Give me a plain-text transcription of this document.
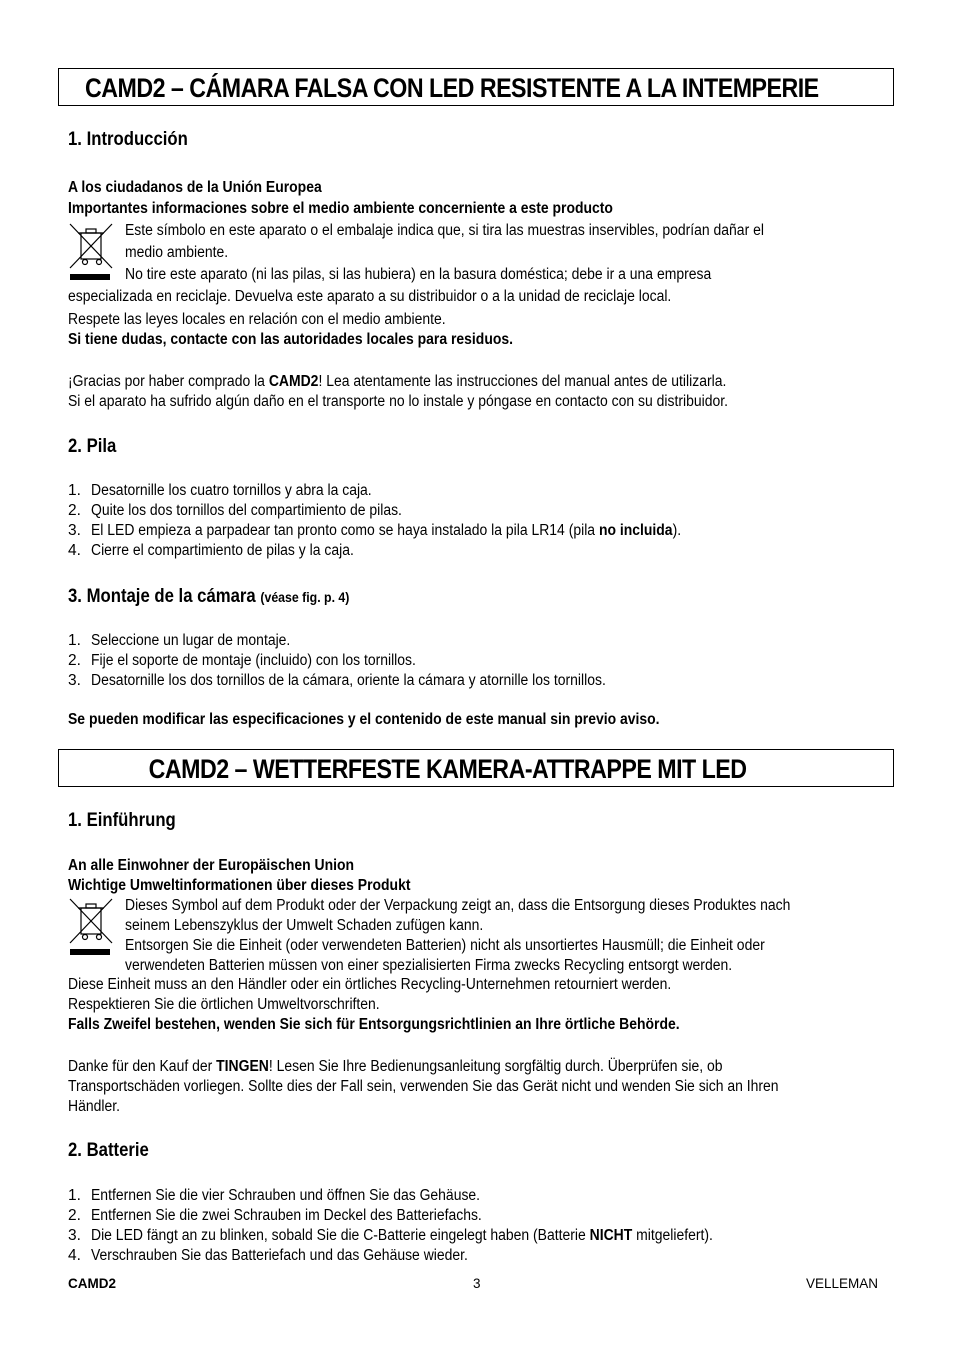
CAMD2 – CÁMARA FALSA CON LED RESISTENTE A LA INTEMPERIE
1. Introducción
A los ciudadanos de la Unión Europea
Importantes informaciones sobre el medio ambiente concerniente a este producto
Este símbolo en este aparato o el embalaje indica que, si tira las muestras inservibles, podrían dañar el
medio ambiente.
No tire este aparato (ni las pilas, si las hubiera) en la basura doméstica; debe ir a una empresa
especializada en reciclaje. Devuelva este aparato a su distribuidor o a la unidad de reciclaje local.
Respete las leyes locales en relación con el medio ambiente.
Si tiene dudas, contacte con las autoridades locales para residuos.
¡Gracias por haber comprado la CAMD2! Lea atentamente las instrucciones del manual antes de utilizarla.
Si el aparato ha sufrido algún daño en el transporte no lo instale y póngase en contacto con su distribuidor.
2. Pila
1. Desatornille los cuatro tornillos y abra la caja.
2. Quite los dos tornillos del compartimiento de pilas.
3. El LED empieza a parpadear tan pronto como se haya instalado la pila LR14 (pila no incluida).
4. Cierre el compartimiento de pilas y la caja.
3. Montaje de la cámara (véase fig. p. 4)
1. Seleccione un lugar de montaje.
2. Fije el soporte de montaje (incluido) con los tornillos.
3. Desatornille los dos tornillos de la cámara, oriente la cámara y atornille los tornillos.
Se pueden modificar las especificaciones y el contenido de este manual sin previo aviso.
CAMD2 – WETTERFESTE KAMERA-ATTRAPPE MIT LED
1. Einführung
An alle Einwohner der Europäischen Union
Wichtige Umweltinformationen über dieses Produkt
Dieses Symbol auf dem Produkt oder der Verpackung zeigt an, dass die Entsorgung dieses Produktes nach
seinem Lebenszyklus der Umwelt Schaden zufügen kann.
Entsorgen Sie die Einheit (oder verwendeten Batterien) nicht als unsortiertes Hausmüll; die Einheit oder
verwendeten Batterien müssen von einer spezialisierten Firma zwecks Recycling entsorgt werden.
Diese Einheit muss an den Händler oder ein örtliches Recycling-Unternehmen retourniert werden.
Respektieren Sie die örtlichen Umweltvorschriften.
Falls Zweifel bestehen, wenden Sie sich für Entsorgungsrichtlinien an Ihre örtliche Behörde.
Danke für den Kauf der TINGEN! Lesen Sie Ihre Bedienungsanleitung sorgfältig durch. Überprüfen sie, ob
Transportschäden vorliegen. Sollte dies der Fall sein, verwenden Sie das Gerät nicht und wenden Sie sich an Ihren
Händler.
2. Batterie
1. Entfernen Sie die vier Schrauben und öffnen Sie das Gehäuse.
2. Entfernen Sie die zwei Schrauben im Deckel des Batteriefachs.
3. Die LED fängt an zu blinken, sobald Sie die C-Batterie eingelegt haben (Batterie NICHT mitgeliefert).
4. Verschrauben Sie das Batteriefach und das Gehäuse wieder.
CAMD2	3	VELLEMAN
